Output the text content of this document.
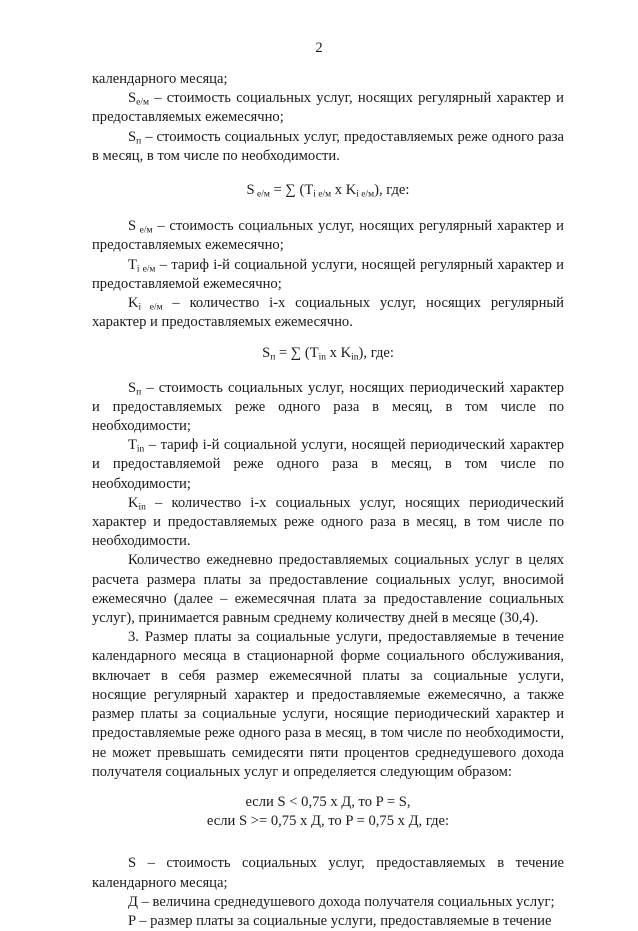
2

календарного месяца;

$S_{е/м}$ – стоимость социальных услуг, носящих регулярный характер и предоставляемых ежемесячно;

$S_п$ – стоимость социальных услуг, предоставляемых реже одного раза в месяц, в том числе по необходимости.

S $_{е/м}$ = ∑ ($T_{i е/м}$ x $K_{i е/м}$), где:

S $_{е/м}$ – стоимость социальных услуг, носящих регулярный характер и предоставляемых ежемесячно;

$T_{i е/м}$ – тариф i-й социальной услуги, носящей регулярный характер и предоставляемой ежемесячно;

$K_{i е/м}$ – количество i-х социальных услуг, носящих регулярный характер и предоставляемых ежемесячно.

$S_п$ = ∑ ($T_{in}$ x $K_{in}$), где:

$S_п$ – стоимость социальных услуг, носящих периодический характер и предоставляемых реже одного раза в месяц, в том числе по необходимости;

$T_{in}$ – тариф i-й социальной услуги, носящей периодический характер и предоставляемой реже одного раза в месяц, в том числе по необходимости;

$K_{in}$ – количество i-х социальных услуг, носящих периодический характер и предоставляемых реже одного раза в месяц, в том числе по необходимости.

Количество ежедневно предоставляемых социальных услуг в целях расчета размера платы за предоставление социальных услуг, вносимой ежемесячно (далее – ежемесячная плата за предоставление социальных услуг), принимается равным среднему количеству дней в месяце (30,4).

3. Размер платы за социальные услуги, предоставляемые в течение календарного месяца в стационарной форме социального обслуживания, включает в себя размер ежемесячной платы за социальные услуги, носящие регулярный характер и предоставляемые ежемесячно, а также размер платы за социальные услуги, носящие периодический характер и предоставляемые реже одного раза в месяц, в том числе по необходимости, не может превышать семидесяти пяти процентов среднедушевого дохода получателя социальных услуг и определяется следующим образом:

если S < 0,75 x Д, то P = S,

если S >= 0,75 x Д, то P = 0,75 x Д, где:

S – стоимость социальных услуг, предоставляемых в течение календарного месяца;

Д – величина среднедушевого дохода получателя социальных услуг;

P – размер платы за социальные услуги, предоставляемые в течение
